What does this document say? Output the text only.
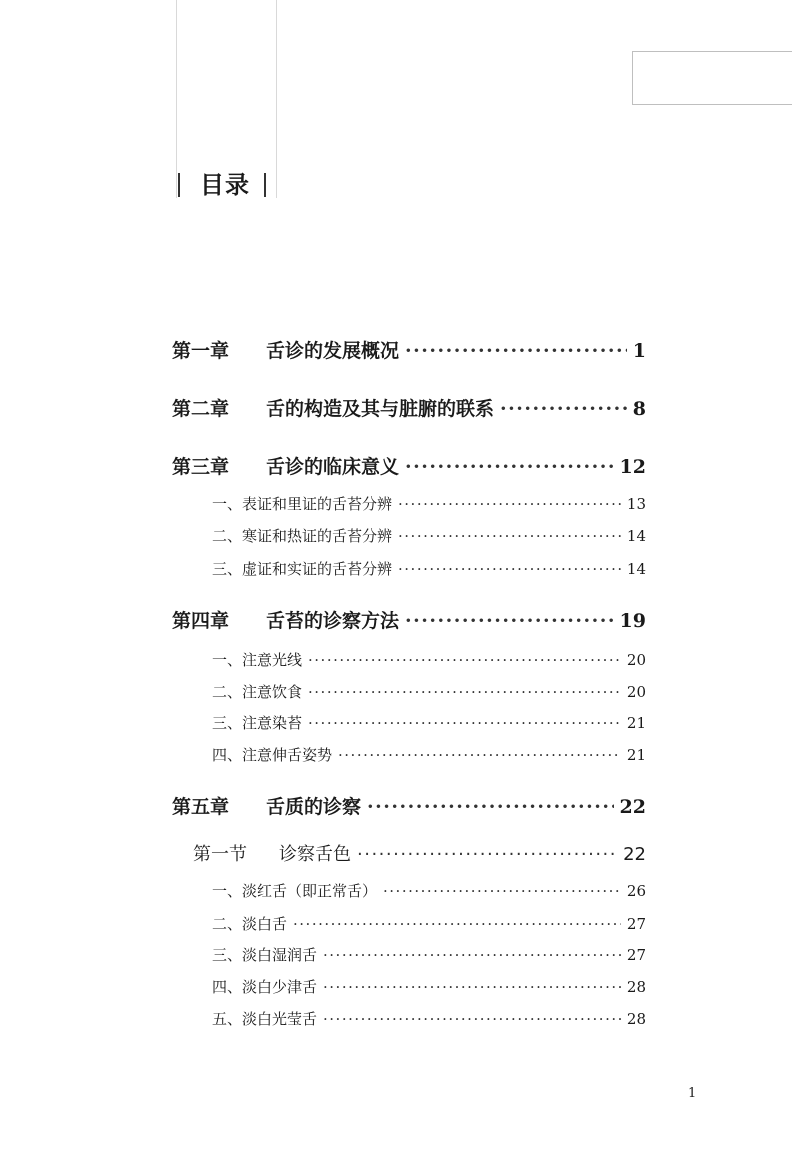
目录
第一章 舌诊的发展概况 ·····	1
第二章 舌的构造及其与脏腑的联系 ·····	8
第三章 舌诊的临床意义 ·····	12
一、表证和里证的舌苔分辨 ·····	13
二、寒证和热证的舌苔分辨 ·····	14
三、虚证和实证的舌苔分辨 ·····	14
第四章 舌苔的诊察方法 ·····	19
一、注意光线 ·····	20
二、注意饮食 ·····	20
三、注意染苔 ·····	21
四、注意伸舌姿势 ·····	21
第五章 舌质的诊察 ·····	22
第一节 诊察舌色 ·····	22
一、淡红舌（即正常舌） ·····	26
二、淡白舌 ·····	27
三、淡白湿润舌 ·····	27
四、淡白少津舌 ·····	28
五、淡白光莹舌 ·····	28
1
